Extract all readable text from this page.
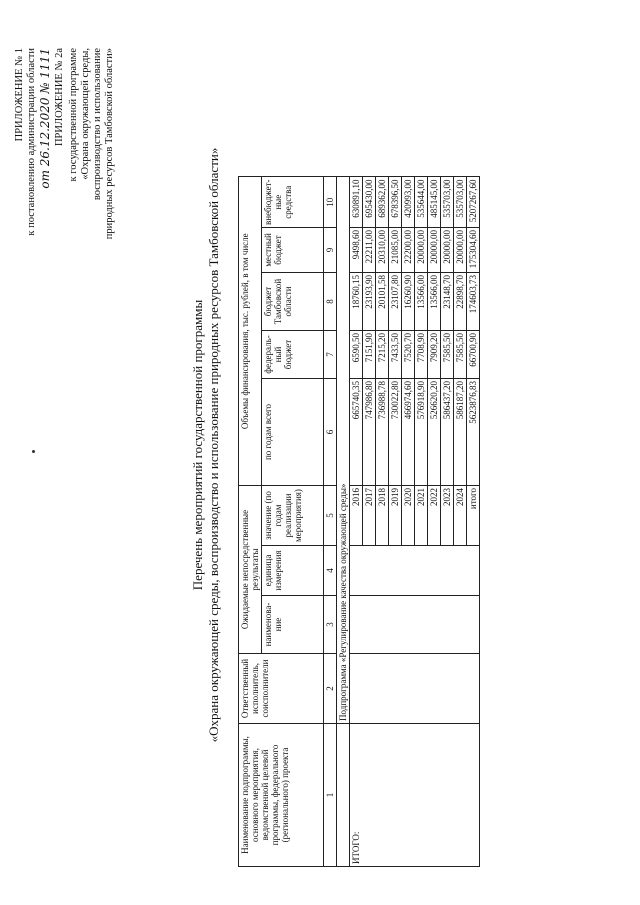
ПРИЛОЖЕНИЕ № 1 к постановлению администрации области от 26.12.2020 № 1111 ПРИЛОЖЕНИЕ № 2а к государственной программе «Охрана окружающей среды, воспроизводство и использование природных ресурсов Тамбовской области»
Перечень мероприятий государственной программы «Охрана окружающей среды, воспроизводство и использование природных ресурсов Тамбовской области»
Наименование подпрограммы, основного мероприятия, ведомственной целевой программы, федерального (регионального) проекта	Ответственный исполнитель, соисполнители	Ожидаемые непосредственные результаты			Объемы финансирования, тыс. рублей, в том числе				
		наименова-ние	единица измерения	значение (по годам реализации мероприятия)	по годам всего	федераль-ный бюджет	бюджет Тамбовской области	местный бюджет	внебюджет-ные средства
1	2	3	4	5	6	7	8	9	10
	Подпрограмма «Регулирование качества окружающей среды»								
ИТОГО:				2016	665740,35	6590,50	18760,15	9498,60	630891,10
				2017	747986,80	7151,90	23193,90	22211,00	695430,00
				2018	736988,78	7215,20	20101,58	20310,00	689362,00
				2019	730022,80	7433,50	23107,80	21085,00	678396,50
				2020	466974,60	7520,70	16260,90	22200,00	420993,00
				2021	576918,90	7708,90	13566,00	20000,00	535644,00
				2022	526620,20	7909,20	13566,00	20000,00	485145,00
				2023	586437,20	7585,50	23148,70	20000,00	535703,00
				2024	586187,20	7585,50	22898,70	20000,00	535703,00
				итого	5623876,83	66700,90	174603,73	175304,60	5207267,60
